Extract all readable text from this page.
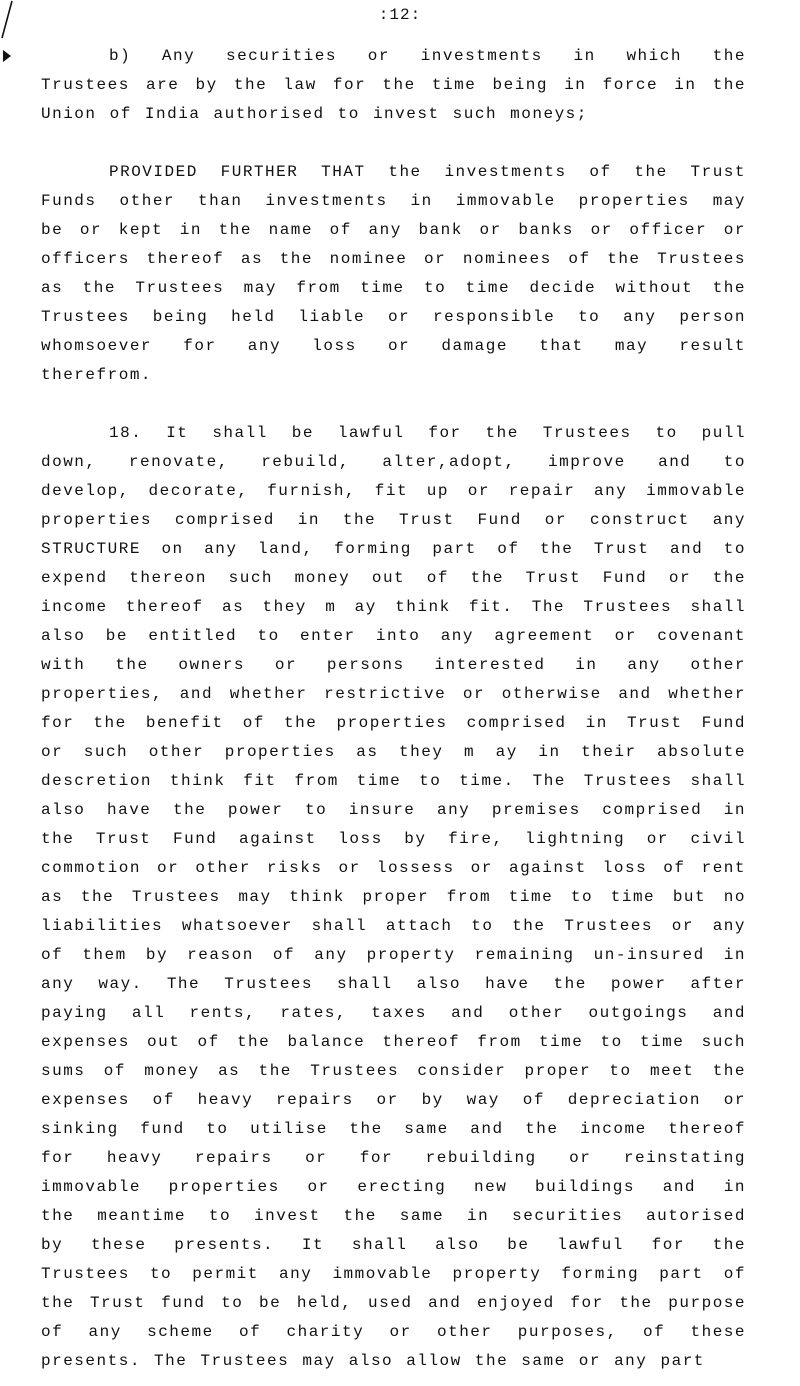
:12:

b) Any securities or investments in which the
Trustees are by the law for the time being in force in the
Union of India authorised to invest such moneys;

PROVIDED FURTHER THAT the investments of the Trust
Funds other than investments in immovable properties may
be or kept in the name of any bank or banks or officer or
officers thereof as the nominee or nominees of the Trustees
as the Trustees may from time to time decide without the
Trustees being held liable or responsible to any person
whomsoever for any loss or damage that may result
therefrom.

18. It shall be lawful for the Trustees to pull
down, renovate, rebuild, alter,adopt, improve and to
develop, decorate, furnish, fit up or repair any immovable
properties comprised in the Trust Fund or construct any
STRUCTURE on any land, forming part of the Trust and to
expend thereon such money out of the Trust Fund or the
income thereof as they m ay think fit. The Trustees shall
also be entitled to enter into any agreement or covenant
with the owners or persons interested in any other
properties, and whether restrictive or otherwise and whether
for the benefit of the properties comprised in Trust Fund
or such other properties as they m ay in their absolute
descretion think fit from time to time. The Trustees shall
also have the power to insure any premises comprised in
the Trust Fund against loss by fire, lightning or civil
commotion or other risks or lossess or against loss of rent
as the Trustees may think proper from time to time but no
liabilities whatsoever shall attach to the Trustees or any
of them by reason of any property remaining un-insured in
any way. The Trustees shall also have the power after
paying all rents, rates, taxes and other outgoings and
expenses out of the balance thereof from time to time such
sums of money as the Trustees consider proper to meet the
expenses of heavy repairs or by way of depreciation or
sinking fund to utilise the same and the income thereof
for heavy repairs or for rebuilding or reinstating
immovable properties or erecting new buildings and in
the meantime to invest the same in securities autorised
by these presents. It shall also be lawful for the
Trustees to permit any immovable property forming part of
the Trust fund to be held, used and enjoyed for the purpose
of any scheme of charity or other purposes, of these
presents. The Trustees may also allow the same or any part
